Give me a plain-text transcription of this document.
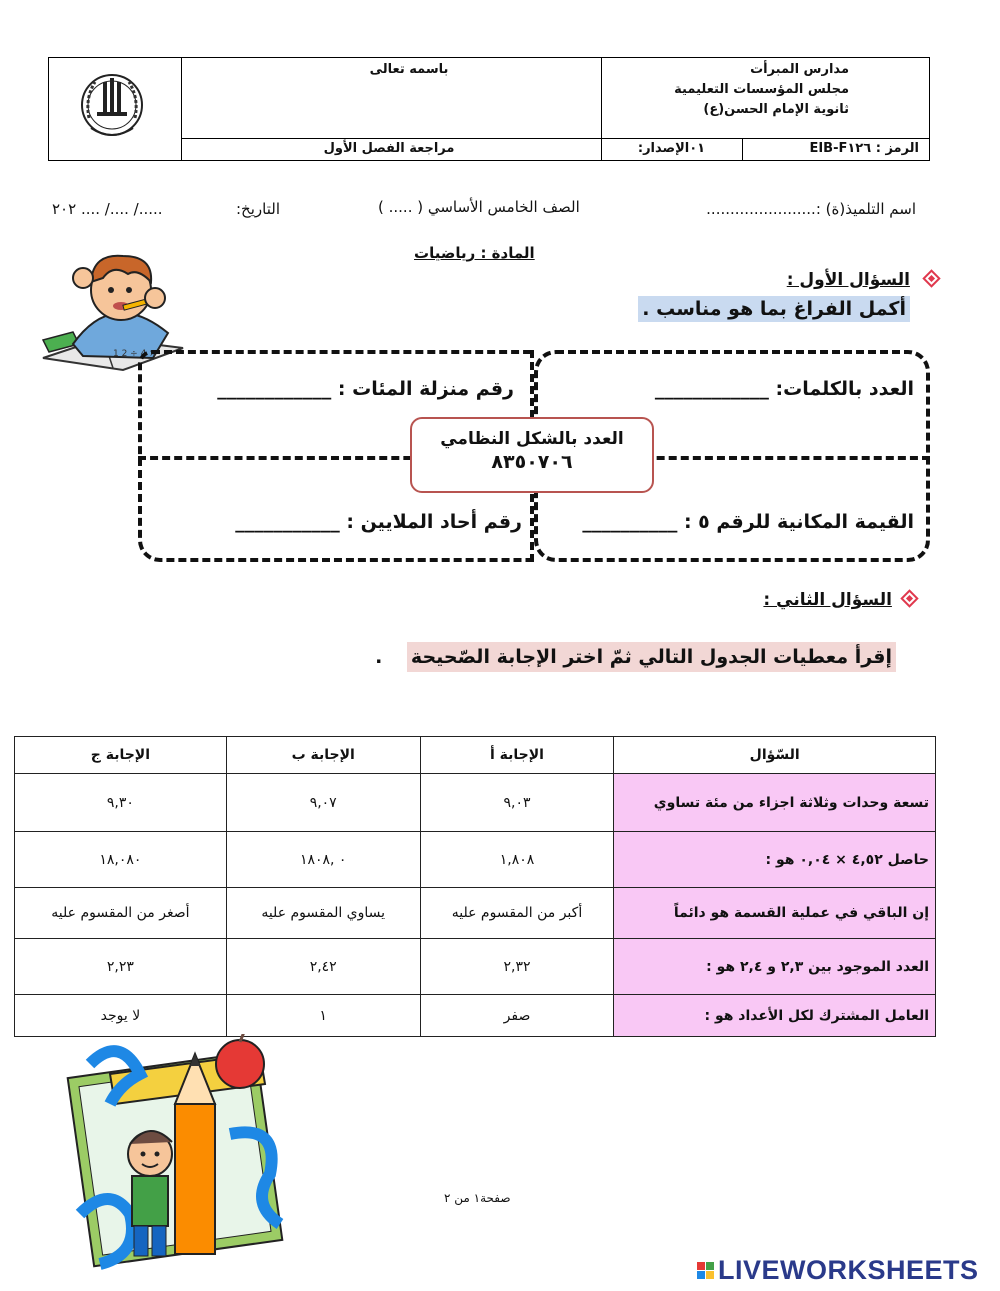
باسمه تعالى	مدارس المبرأت
مجلس المؤسسات التعليمية
ثانوية الإمام الحسن(ع)
مراجعة الفصل الأول	٠١الإصدار:	الرمز : EIB-F١٢٦
اسم التلميذ(ة) :.......................
الصف الخامس الأساسي ( ..... )
التاريخ:
...../ ..../ .... ٢٠٢
المادة : رياضيات
1 2 ÷ 4 ×
السؤال الأول :
أكمل الفراغ بما هو مناسب .
العدد بالكلمات: ____________
رقم منزلة المئات : ____________
القيمة المكانية للرقم ٥ : __________
رقم أحاد الملايين : ___________
العدد بالشكل النظامي
٨٣٥٠٧٠٦
السؤال الثاني :
إقرأ معطيات الجدول التالي ثمّ اختر الإجابة الصّحيحة .
السّؤال	الإجابة أ	الإجابة ب	الإجابة ج
تسعة وحدات وثلاثة اجزاء من مئة تساوي	٩,٠٣	٩,٠٧	٩,٣٠
حاصل ٤,٥٢ × ٠,٠٤ هو :	١,٨٠٨	٠ ,١٨٠٨	١٨,٠٨٠
إن الباقي في عملية القسمة هو دائماً	أكبر من المقسوم عليه	يساوي المقسوم عليه	أصغر من المقسوم عليه
العدد الموجود بين ٢,٣ و ٢,٤ هو :	٢,٣٢	٢,٤٢	٢,٢٣
العامل المشترك لكل الأعداد هو :	صفر	١	لا يوجد
صفحة١ من ٢
LIVEWORKSHEETS
